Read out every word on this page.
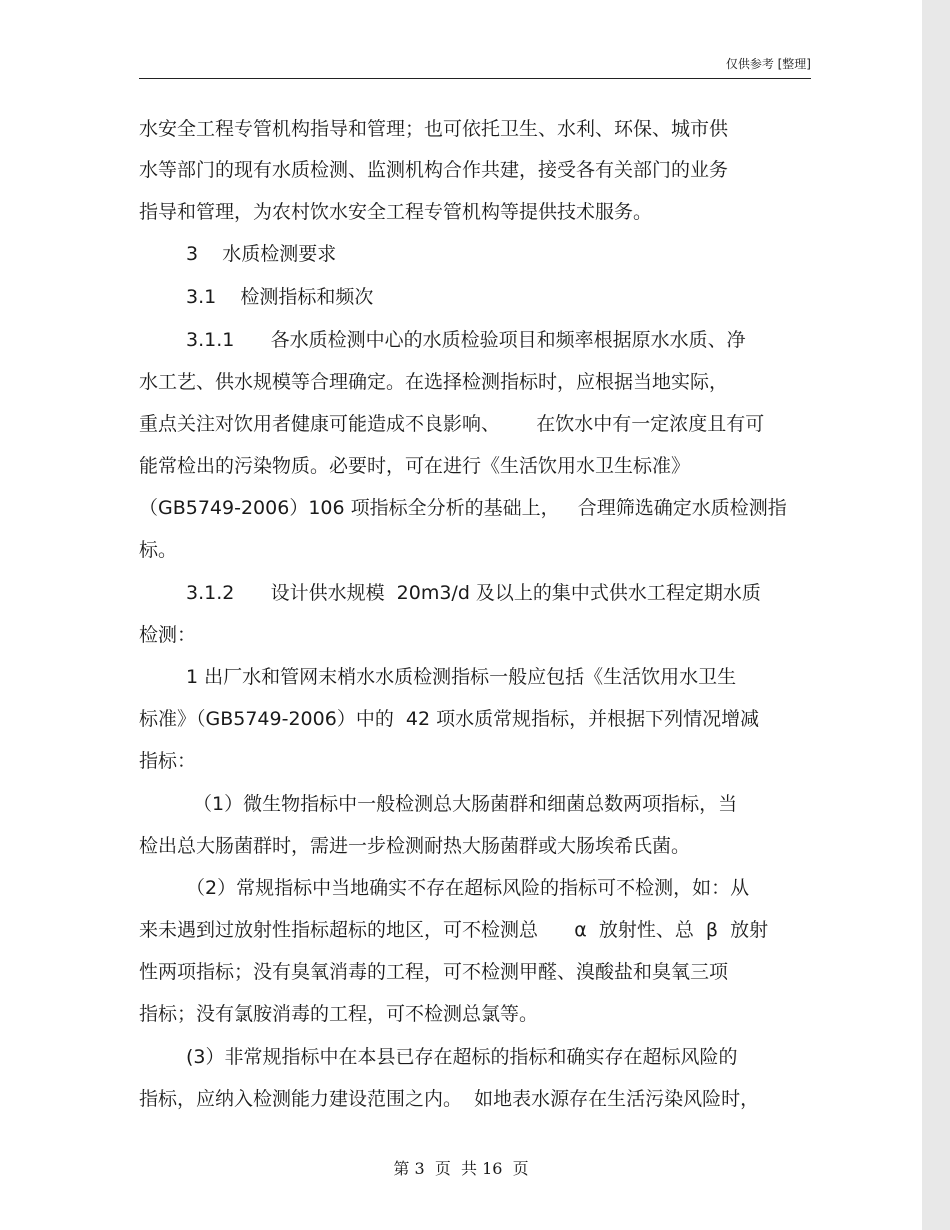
仅供参考 [整理]
水安全工程专管机构指导和管理；也可依托卫生、水利、环保、城市供
水等部门的现有水质检测、监测机构合作共建，接受各有关部门的业务
指导和管理，为农村饮水安全工程专管机构等提供技术服务。
3    水质检测要求
3.1    检测指标和频次
3.1.1      各水质检测中心的水质检验项目和频率根据原水水质、净
水工艺、供水规模等合理确定。在选择检测指标时，应根据当地实际，
重点关注对饮用者健康可能造成不良影响、      在饮水中有一定浓度且有可
能常检出的污染物质。必要时，可在进行《生活饮用水卫生标准》
（GB5749-2006）106 项指标全分析的基础上，   合理筛选确定水质检测指
标。
3.1.2      设计供水规模  20m3/d 及以上的集中式供水工程定期水质
检测：
1 出厂水和管网末梢水水质检测指标一般应包括《生活饮用水卫生
标准》（GB5749-2006）中的  42 项水质常规指标，并根据下列情况增减
指标：
（1）微生物指标中一般检测总大肠菌群和细菌总数两项指标，当
检出总大肠菌群时，需进一步检测耐热大肠菌群或大肠埃希氏菌。
（2）常规指标中当地确实不存在超标风险的指标可不检测，如：从
来未遇到过放射性指标超标的地区，可不检测总      α  放射性、总  β  放射
性两项指标；没有臭氧消毒的工程，可不检测甲醛、溴酸盐和臭氧三项
指标；没有氯胺消毒的工程，可不检测总氯等。
(3）非常规指标中在本县已存在超标的指标和确实存在超标风险的
指标，应纳入检测能力建设范围之内。  如地表水源存在生活污染风险时，
第 3  页  共 16  页
